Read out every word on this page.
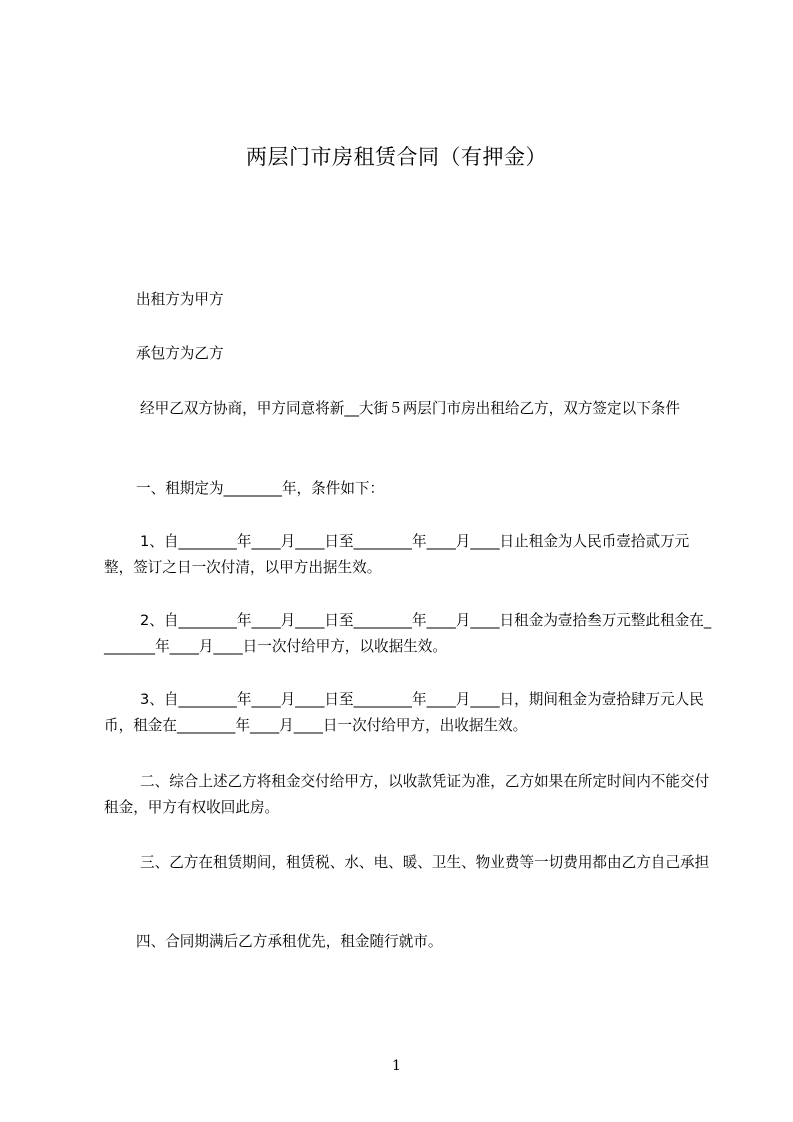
两层门市房租赁合同（有押金）

出租方为甲方

承包方为乙方

经甲乙双方协商，甲方同意将新__大街５两层门市房出租给乙方，双方签定以下条件

一、租期定为________年，条件如下：

1、自________年____月____日至________年____月____日止租金为人民币壹拾贰万元整，签订之日一次付清，以甲方出据生效。

2、自________年____月____日至________年____月____日租金为壹拾叁万元整此租金在________年____月____日一次付给甲方，以收据生效。

3、自________年____月____日至________年____月____日，期间租金为壹拾肆万元人民币，租金在________年____月____日一次付给甲方，出收据生效。

二、综合上述乙方将租金交付给甲方，以收款凭证为准，乙方如果在所定时间内不能交付租金，甲方有权收回此房。

三、乙方在租赁期间，租赁税、水、电、暖、卫生、物业费等一切费用都由乙方自己承担

四、合同期满后乙方承租优先，租金随行就市。

1
